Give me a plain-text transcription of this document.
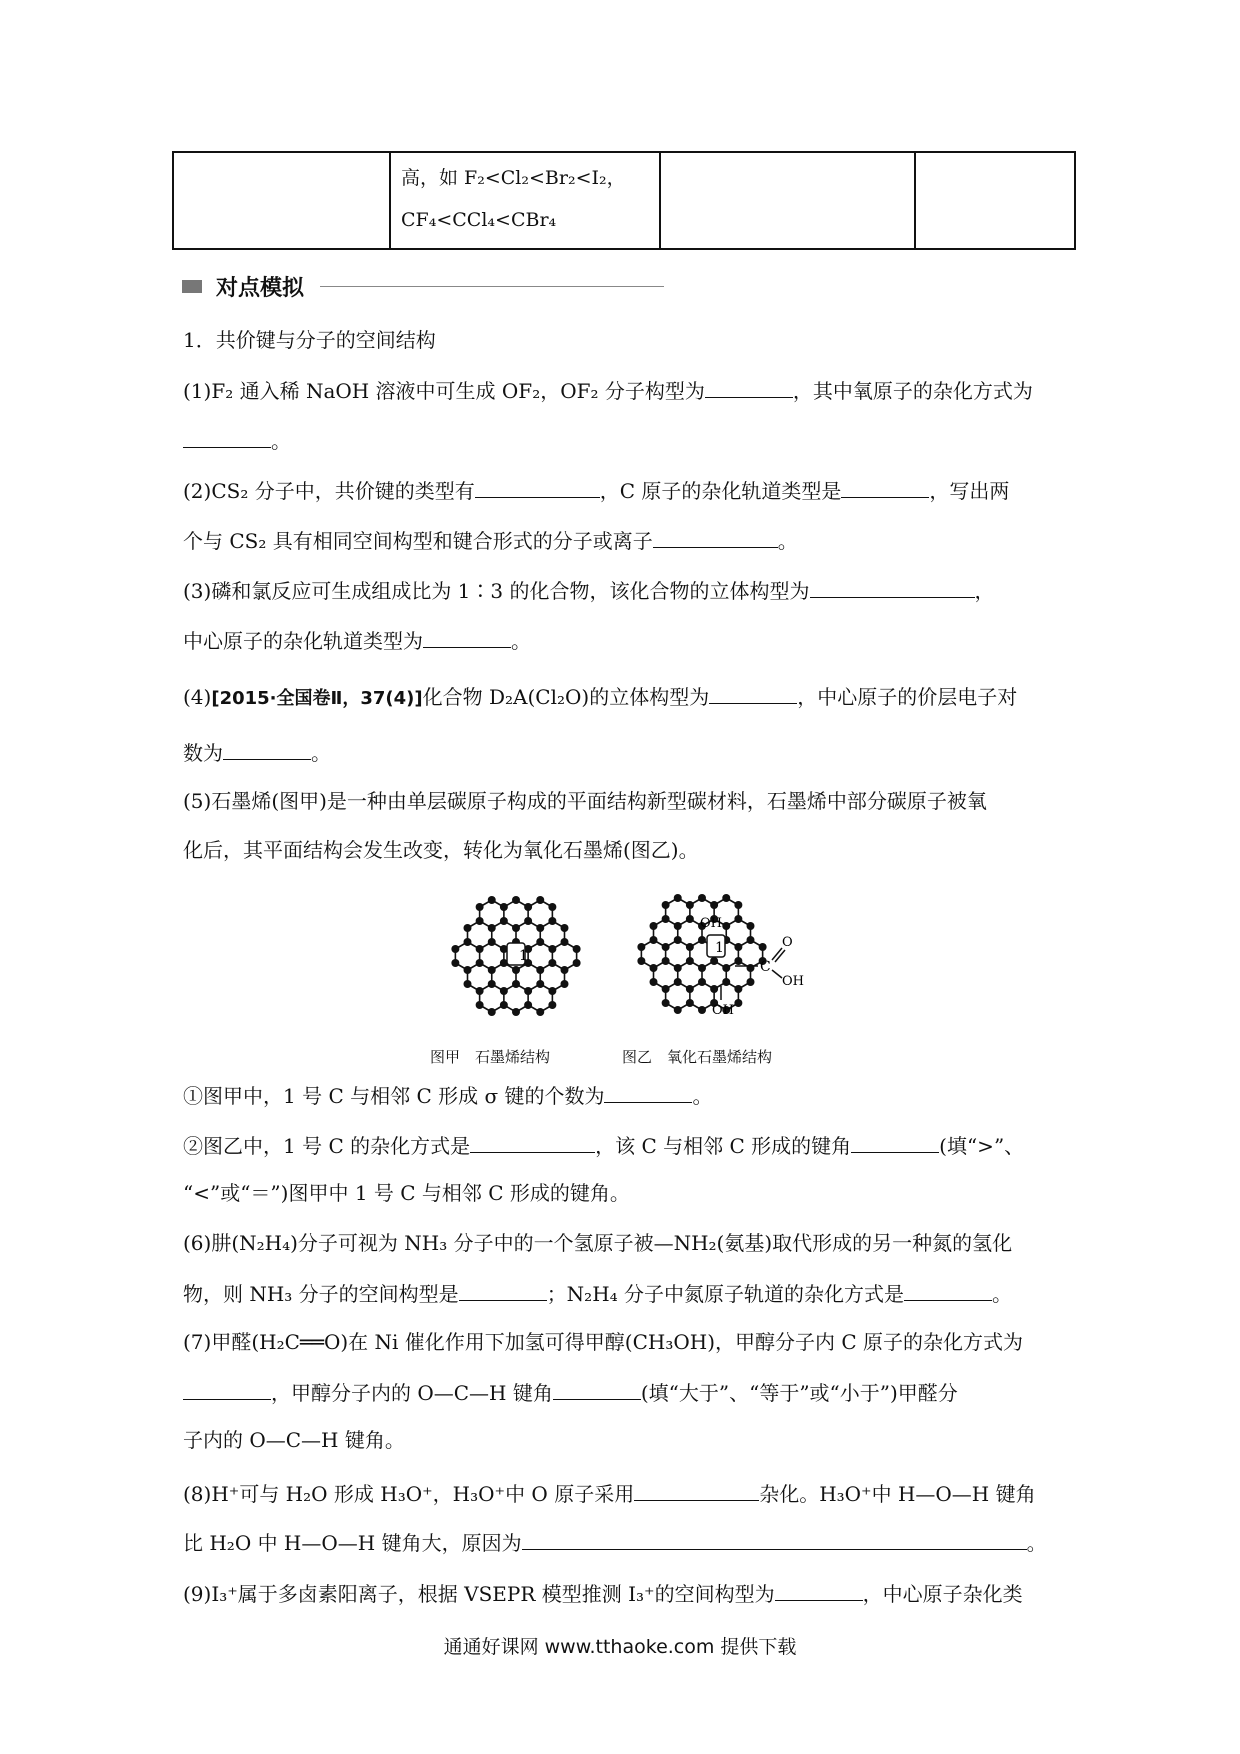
高，如 F₂<Cl₂<Br₂<I₂，
CF₄<CCl₄<CBr₄

对点模拟
1．共价键与分子的空间结构
(1)F₂ 通入稀 NaOH 溶液中可生成 OF₂，OF₂ 分子构型为	，其中氧原子的杂化方式为
。
(2)CS₂ 分子中，共价键的类型有	，C 原子的杂化轨道类型是	，写出两
个与 CS₂ 具有相同空间构型和键合形式的分子或离子	。
(3)磷和氯反应可生成组成比为 1∶3 的化合物，该化合物的立体构型为	，
中心原子的杂化轨道类型为	。
(4)[2015·全国卷Ⅱ，37(4)]化合物 D₂A(Cl₂O)的立体构型为	，中心原子的价层电子对
数为	。
(5)石墨烯(图甲)是一种由单层碳原子构成的平面结构新型碳材料，石墨烯中部分碳原子被氧
化后，其平面结构会发生改变，转化为氧化石墨烯(图乙)。
1	1
OH
C
O
OH
OH
图甲　石墨烯结构	图乙　氧化石墨烯结构
①图甲中，1 号 C 与相邻 C 形成 σ 键的个数为	。
②图乙中，1 号 C 的杂化方式是	，该 C 与相邻 C 形成的键角	(填“>”、
“<”或“＝”)图甲中 1 号 C 与相邻 C 形成的键角。
(6)肼(N₂H₄)分子可视为 NH₃ 分子中的一个氢原子被—NH₂(氨基)取代形成的另一种氮的氢化
物，则 NH₃ 分子的空间构型是	；N₂H₄ 分子中氮原子轨道的杂化方式是	。
(7)甲醛(H₂C══O)在 Ni 催化作用下加氢可得甲醇(CH₃OH)，甲醇分子内 C 原子的杂化方式为
，甲醇分子内的 O—C—H 键角	(填“大于”、“等于”或“小于”)甲醛分
子内的 O—C—H 键角。
(8)H⁺可与 H₂O 形成 H₃O⁺，H₃O⁺中 O 原子采用	杂化。H₃O⁺中 H—O—H 键角
比 H₂O 中 H—O—H 键角大，原因为	。
(9)I₃⁺属于多卤素阳离子，根据 VSEPR 模型推测 I₃⁺的空间构型为	，中心原子杂化类
通通好课网 www.tthaoke.com 提供下载
